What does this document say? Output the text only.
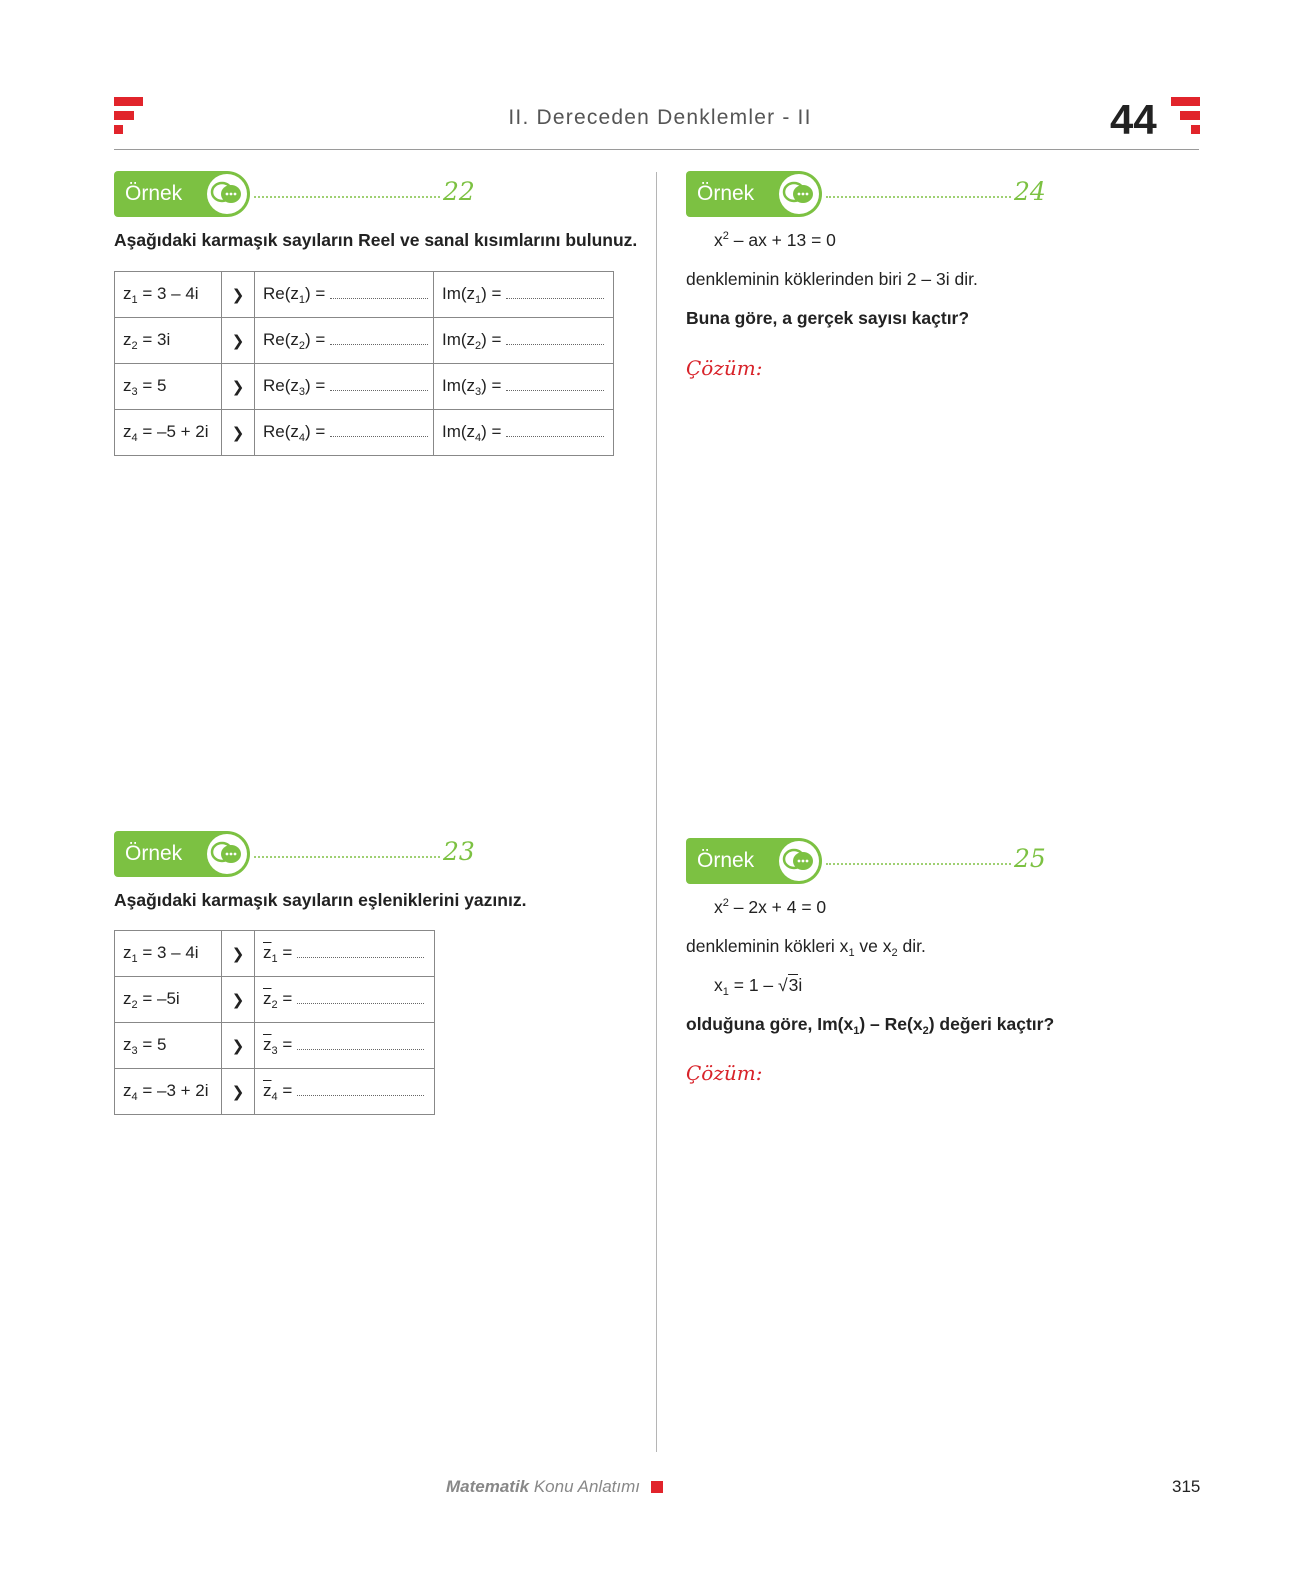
II. Dereceden Denklemler - II	44
Örnek	22
Aşağıdaki karmaşık sayıların Reel ve sanal kısımlarını bulunuz.
$z_1 = 3 - 4i$	❯	$Re(z_1)$ =	$Im(z_1)$ =
$z_2 = 3i$	❯	$Re(z_2)$ =	$Im(z_2)$ =
$z_3 = 5$	❯	$Re(z_3)$ =	$Im(z_3)$ =
$z_4 = -5 + 2i$	❯	$Re(z_4)$ =	$Im(z_4)$ =
Örnek	23
Aşağıdaki karmaşık sayıların eşleniklerini yazınız.
$z_1 = 3 - 4i$	❯	$\overline{z}_1$ =
$z_2 = -5i$	❯	$\overline{z}_2$ =
$z_3 = 5$	❯	$\overline{z}_3$ =
$z_4 = -3 + 2i$	❯	$\overline{z}_4$ =
Örnek	24
$x^2$ – ax + 13 = 0
denkleminin köklerinden biri 2 – 3i dir.
Buna göre, a gerçek sayısı kaçtır?
Çözüm:
Örnek	25
$x^2 - 2x + 4 = 0$
denkleminin kökleri $x_1$ ve $x_2$ dir.
$x_1 = 1 - √3i$
olduğuna göre, $Im(x_1) - Re(x_2)$ değeri kaçtır?
Çözüm:
Matematik Konu Anlatımı	315
